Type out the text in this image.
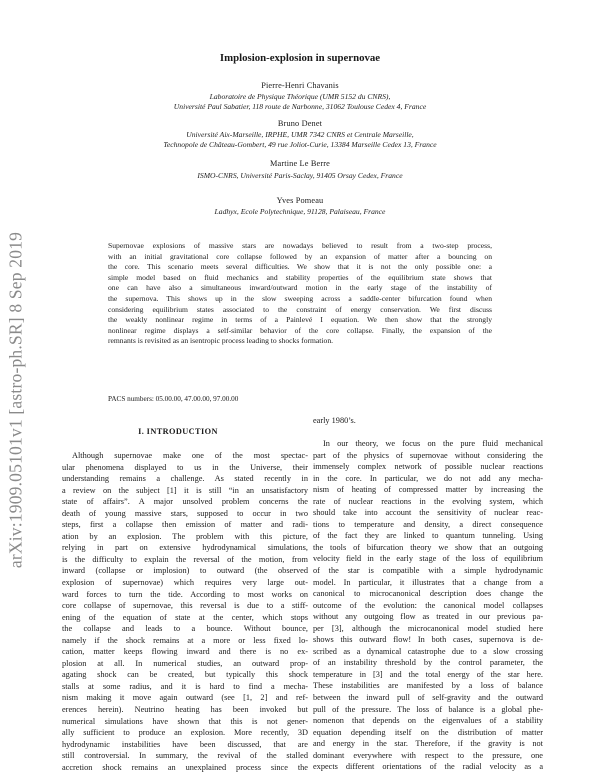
arXiv:1909.05101v1 [astro-ph.SR] 8 Sep 2019
Implosion-explosion in supernovae
Pierre-Henri Chavanis
Laboratoire de Physique Théorique (UMR 5152 du CNRS),
Université Paul Sabatier, 118 route de Narbonne, 31062 Toulouse Cedex 4, France
Bruno Denet
Université Aix-Marseille, IRPHE, UMR 7342 CNRS et Centrale Marseille,
Technopole de Château-Gombert, 49 rue Joliot-Curie, 13384 Marseille Cedex 13, France
Martine Le Berre
ISMO-CNRS, Université Paris-Saclay, 91405 Orsay Cedex, France
Yves Pomeau
Ladhyx, Ecole Polytechnique, 91128, Palaiseau, France
Supernovae explosions of massive stars are nowadays believed to result from a two-step process,
with an initial gravitational core collapse followed by an expansion of matter after a bouncing on
the core. This scenario meets several difficulties. We show that it is not the only possible one: a
simple model based on fluid mechanics and stability properties of the equilibrium state shows that
one can have also a simultaneous inward/outward motion in the early stage of the instability of
the supernova. This shows up in the slow sweeping across a saddle-center bifurcation found when
considering equilibrium states associated to the constraint of energy conservation. We first discuss
the weakly nonlinear regime in terms of a Painlevé I equation. We then show that the strongly
nonlinear regime displays a self-similar behavior of the core collapse. Finally, the expansion of the
remnants is revisited as an isentropic process leading to shocks formation.
PACS numbers: 05.00.00, 47.00.00, 97.00.00
I. INTRODUCTION
Although supernovae make one of the most spectac-
ular phenomena displayed to us in the Universe, their
understanding remains a challenge. As stated recently in
a review on the subject [1] it is still “in an unsatisfactory
state of affairs”. A major unsolved problem concerns the
death of young massive stars, supposed to occur in two
steps, first a collapse then emission of matter and radi-
ation by an explosion. The problem with this picture,
relying in part on extensive hydrodynamical simulations,
is the difficulty to explain the reversal of the motion, from
inward (collapse or implosion) to outward (the observed
explosion of supernovae) which requires very large out-
ward forces to turn the tide. According to most works on
core collapse of supernovae, this reversal is due to a stiff-
ening of the equation of state at the center, which stops
the collapse and leads to a bounce. Without bounce,
namely if the shock remains at a more or less fixed lo-
cation, matter keeps flowing inward and there is no ex-
plosion at all. In numerical studies, an outward prop-
agating shock can be created, but typically this shock
stalls at some radius, and it is hard to find a mecha-
nism making it move again outward (see [1, 2] and ref-
erences herein). Neutrino heating has been invoked but
numerical simulations have shown that this is not gener-
ally sufficient to produce an explosion. More recently, 3D
hydrodynamic instabilities have been discussed, that are
still controversial. In summary, the revival of the stalled
accretion shock remains an unexplained process since the
early 1980’s.
In our theory, we focus on the pure fluid mechanical
part of the physics of supernovae without considering the
immensely complex network of possible nuclear reactions
in the core. In particular, we do not add any mecha-
nism of heating of compressed matter by increasing the
rate of nuclear reactions in the evolving system, which
should take into account the sensitivity of nuclear reac-
tions to temperature and density, a direct consequence
of the fact they are linked to quantum tunneling. Using
the tools of bifurcation theory we show that an outgoing
velocity field in the early stage of the loss of equilibrium
of the star is compatible with a simple hydrodynamic
model. In particular, it illustrates that a change from a
canonical to microcanonical description does change the
outcome of the evolution: the canonical model collapses
without any outgoing flow as treated in our previous pa-
per [3], although the microcanonical model studied here
shows this outward flow! In both cases, supernova is de-
scribed as a dynamical catastrophe due to a slow crossing
of an instability threshold by the control parameter, the
temperature in [3] and the total energy of the star here.
These instabilities are manifested by a loss of balance
between the inward pull of self-gravity and the outward
pull of the pressure. The loss of balance is a global phe-
nomenon that depends on the eigenvalues of a stability
equation depending itself on the distribution of matter
and energy in the star. Therefore, if the gravity is not
dominant everywhere with respect to the pressure, one
expects different orientations of the radial velocity as a
